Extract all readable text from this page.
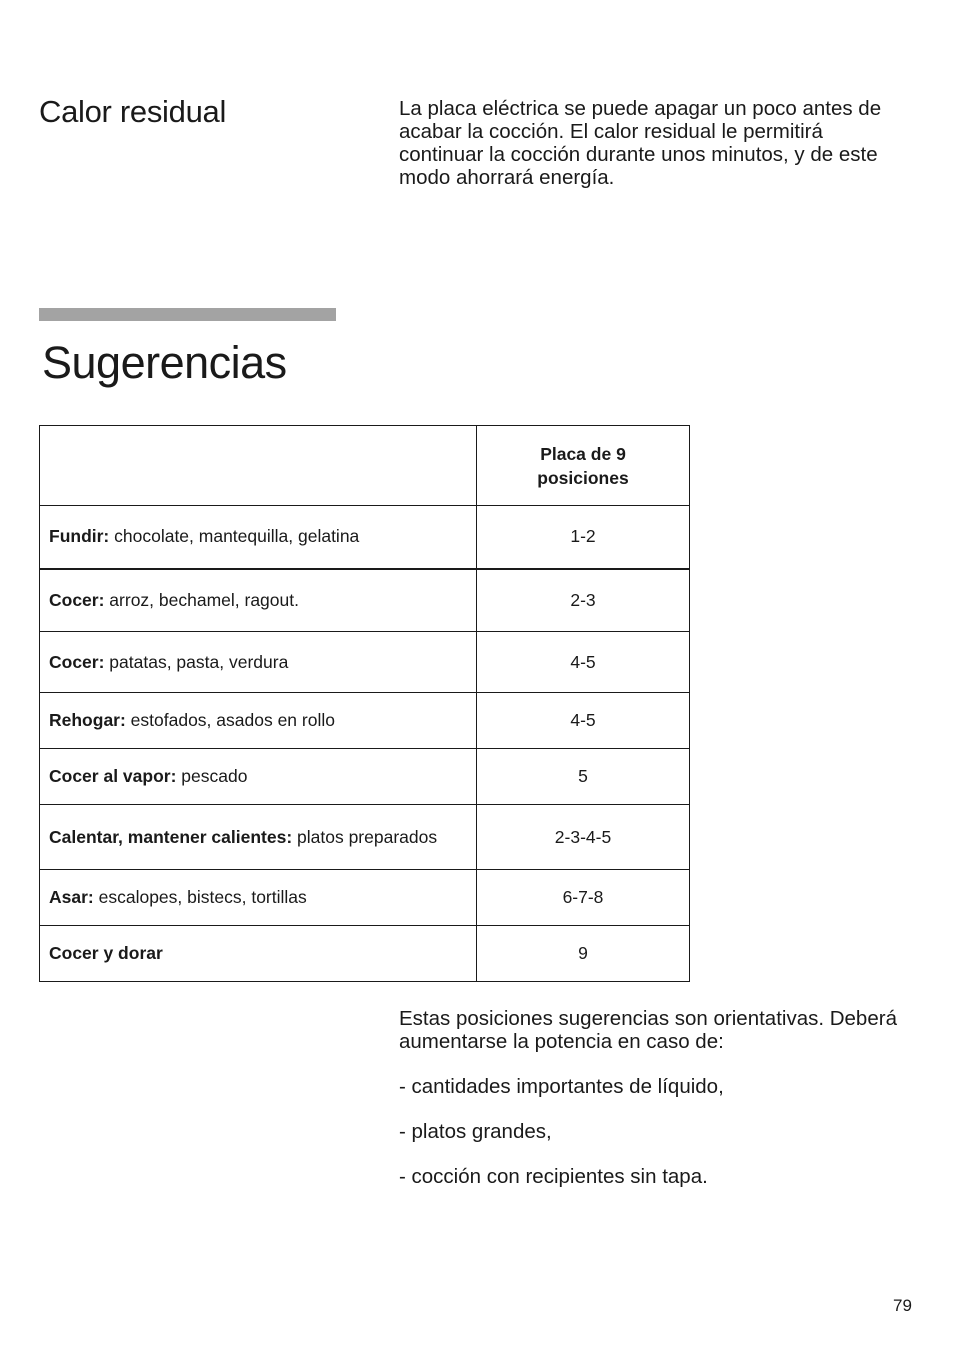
Calor residual	La placa eléctrica se puede apagar un poco antes de acabar la cocción. El calor residual le permitirá continuar la cocción durante unos minutos, y de este modo ahorrará energía.

Sugerencias
	Placa de 9 posiciones
Fundir: chocolate, mantequilla, gelatina	1-2
Cocer: arroz, bechamel, ragout.	2-3
Cocer: patatas, pasta, verdura	4-5
Rehogar: estofados, asados en rollo	4-5
Cocer al vapor: pescado	5
Calentar, mantener calientes: platos preparados	2-3-4-5
Asar: escalopes, bistecs, tortillas	6-7-8
Cocer y dorar	9

Estas posiciones sugerencias son orientativas. Deberá aumentarse la potencia en caso de:

- cantidades importantes de líquido,

- platos grandes,

- cocción con recipientes sin tapa.

79
